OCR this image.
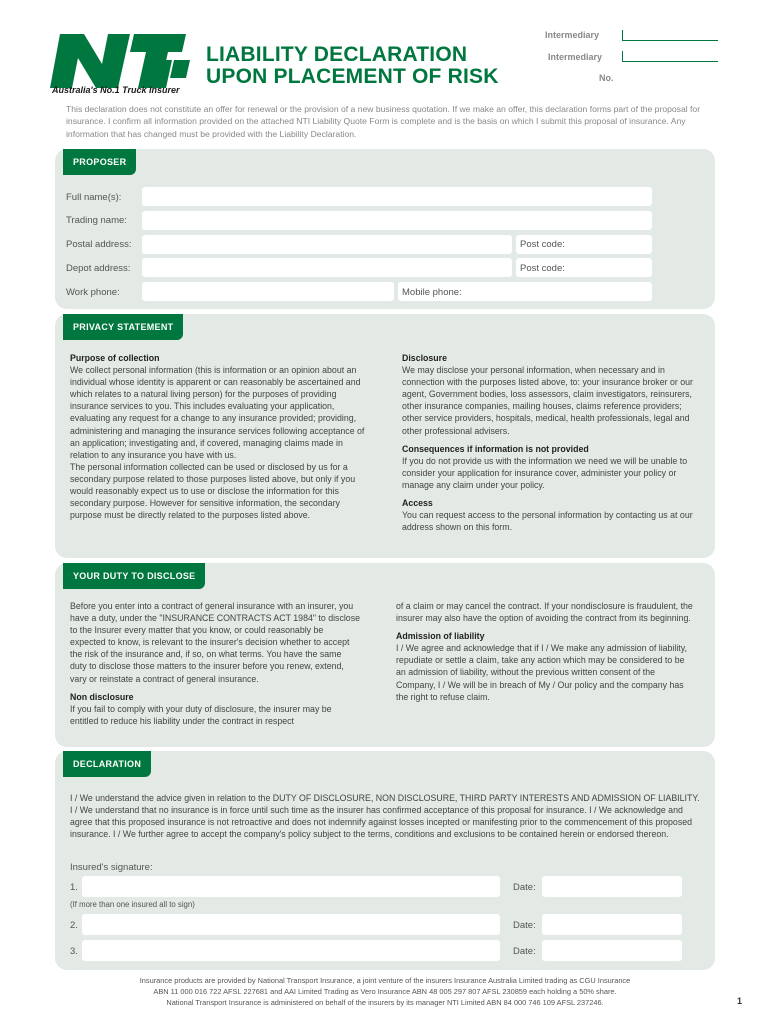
Australia's No.1 Truck Insurer
LIABILITY DECLARATION
UPON PLACEMENT OF RISK
Intermediary
Intermediary
No.
This declaration does not constitute an offer for renewal or the provision of a new business quotation. If we make an offer, this declaration forms part of the proposal for insurance. I confirm all information provided on the attached NTI Liability Quote Form is complete and is the basis on which I submit this proposal of insurance. Any information that has changed must be provided with the Liability Declaration.
PROPOSER
Full name(s):
Trading name:
Postal address:	Post code:
Depot address:	Post code:
Work phone:	Mobile phone:
PRIVACY STATEMENT
Purpose of collection
We collect personal information (this is information or an opinion about an individual whose identity is apparent or can reasonably be ascertained and which relates to a natural living person) for the purposes of providing insurance services to you. This includes evaluating your application, evaluating any request for a change to any insurance provided; providing, administering and managing the insurance services following acceptance of an application; investigating and, if covered, managing claims made in relation to any insurance you have with us.
The personal information collected can be used or disclosed by us for a secondary purpose related to those purposes listed above, but only if you would reasonably expect us to use or disclose the information for this secondary purpose. However for sensitive information, the secondary purpose must be directly related to the purposes listed above.
Disclosure
We may disclose your personal information, when necessary and in connection with the purposes listed above, to: your insurance broker or our agent, Government bodies, loss assessors, claim investigators, reinsurers, other insurance companies, mailing houses, claims reference providers; other service providers, hospitals, medical, health professionals, legal and other professional advisers.
Consequences if information is not provided
If you do not provide us with the information we need we will be unable to consider your application for insurance cover, administer your policy or manage any claim under your policy.
Access
You can request access to the personal information by contacting us at our address shown on this form.
YOUR DUTY TO DISCLOSE
Before you enter into a contract of general insurance with an insurer, you have a duty, under the "INSURANCE CONTRACTS ACT 1984" to disclose to the Insurer every matter that you know, or could reasonably be expected to know, is relevant to the insurer's decision whether to accept the risk of the insurance and, if so, on what terms. You have the same duty to disclose those matters to the insurer before you renew, extend, vary or reinstate a contract of general insurance.
Non disclosure
If you fail to comply with your duty of disclosure, the insurer may be entitled to reduce his liability under the contract in respect
of a claim or may cancel the contract. If your nondisclosure is fraudulent, the insurer may also have the option of avoiding the contract from its beginning.
Admission of liability
I / We agree and acknowledge that if I / We make any admission of liability, repudiate or settle a claim, take any action which may be considered to be an admission of liability, without the previous written consent of the Company, I / We will be in breach of My / Our policy and the company has the right to refuse claim.
DECLARATION
I / We understand the advice given in relation to the DUTY OF DISCLOSURE, NON DISCLOSURE, THIRD PARTY INTERESTS AND ADMISSION OF LIABILITY. I / We understand that no insurance is in force until such time as the insurer has confirmed acceptance of this proposal for insurance. I / We acknowledge and agree that this proposed insurance is not retroactive and does not indemnify against losses incepted or manifesting prior to the commencement of this proposed insurance. I / We further agree to accept the company's policy subject to the terms, conditions and exclusions to be contained herein or endorsed thereon.
Insured's signature:
1.	Date:
(If more than one insured all to sign)
2.	Date:
3.	Date:
Insurance products are provided by National Transport Insurance, a joint venture of the insurers Insurance Australia Limited trading as CGU Insurance
ABN 11 000 016 722 AFSL 227681 and AAI Limited Trading as Vero Insurance ABN 48 005 297 807 AFSL 230859 each holding a 50% share.
National Transport Insurance is administered on behalf of the insurers by its manager NTI Limited ABN 84 000 746 109 AFSL 237246.	1
